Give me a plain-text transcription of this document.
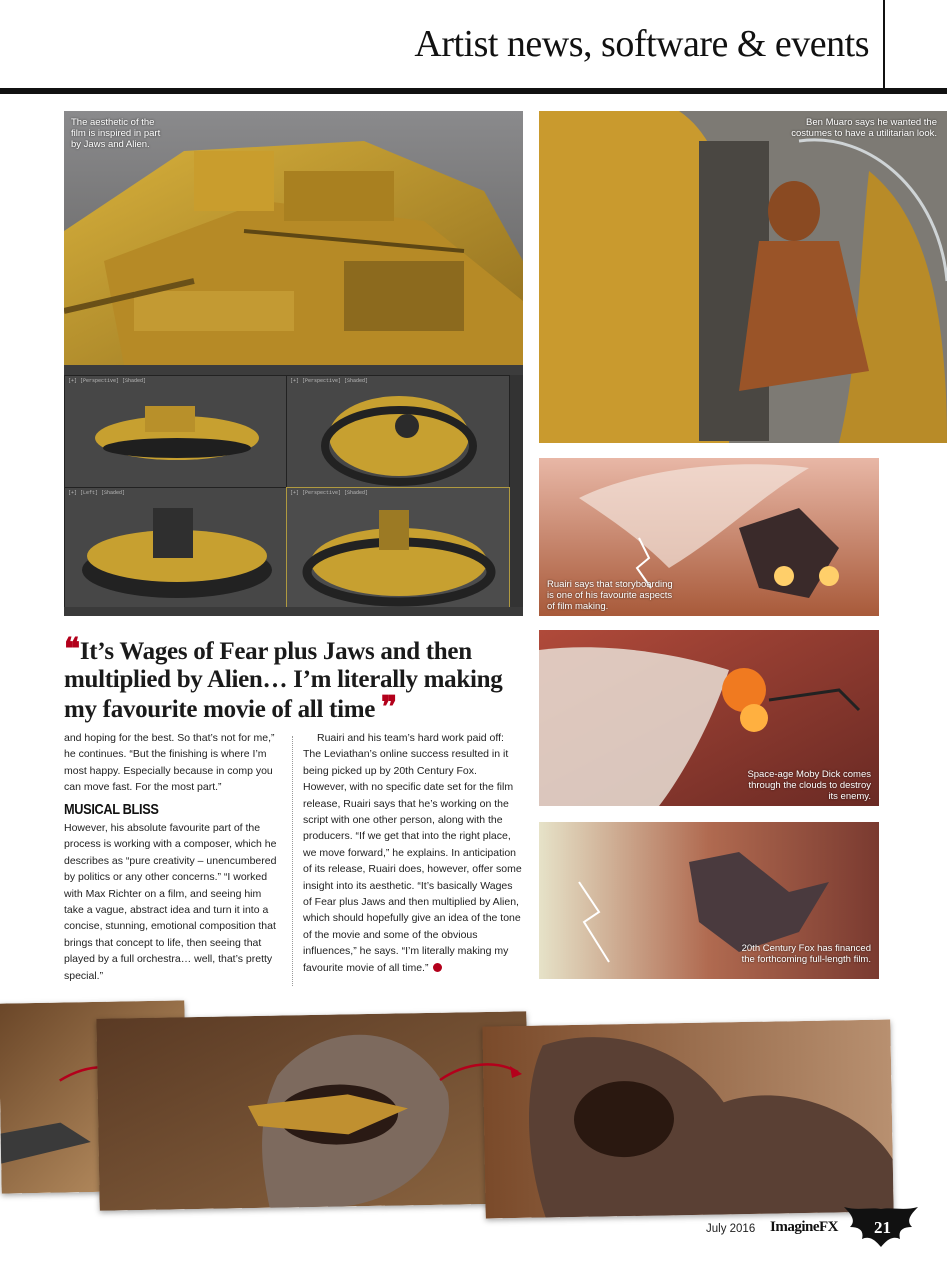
Artist news, software & events
The aesthetic of the film is inspired in part by Jaws and Alien.
[+] [Perspective] [Shaded]	[+] [Perspective] [Shaded]
[+] [Left] [Shaded]	[+] [Perspective] [Shaded]
Ben Muaro says he wanted the costumes to have a utilitarian look.
Ruairi says that storyboarding is one of his favourite aspects of film making.
Space-age Moby Dick comes through the clouds to destroy its enemy.
20th Century Fox has financed the forthcoming full-length film.
❝It’s Wages of Fear plus Jaws and then multiplied by Alien… I’m literally making my favourite movie of all time ❞

and hoping for the best. So that’s not for me,” he continues. “But the finishing is where I’m most happy. Especially because in comp you can move fast. For the most part.”

MUSICAL BLISS

However, his absolute favourite part of the process is working with a composer, which he describes as “pure creativity – unencumbered by politics or any other concerns.” “I worked with Max Richter on a film, and seeing him take a vague, abstract idea and turn it into a concise, stunning, emotional composition that brings that concept to life, then seeing that played by a full orchestra… well, that’s pretty special.”

Ruairi and his team’s hard work paid off: The Leviathan’s online success resulted in it being picked up by 20th Century Fox. However, with no specific date set for the film release, Ruairi says that he’s working on the script with one other person, along with the producers. “If we get that into the right place, we move forward,” he explains. In anticipation of its release, Ruairi does, however, offer some insight into its aesthetic. “It’s basically Wages of Fear plus Jaws and then multiplied by Alien, which should hopefully give an idea of the tone of the movie and some of the obvious influences,” he says. “I’m literally making my favourite movie of all time.”

July 2016 ImagineFX 21
